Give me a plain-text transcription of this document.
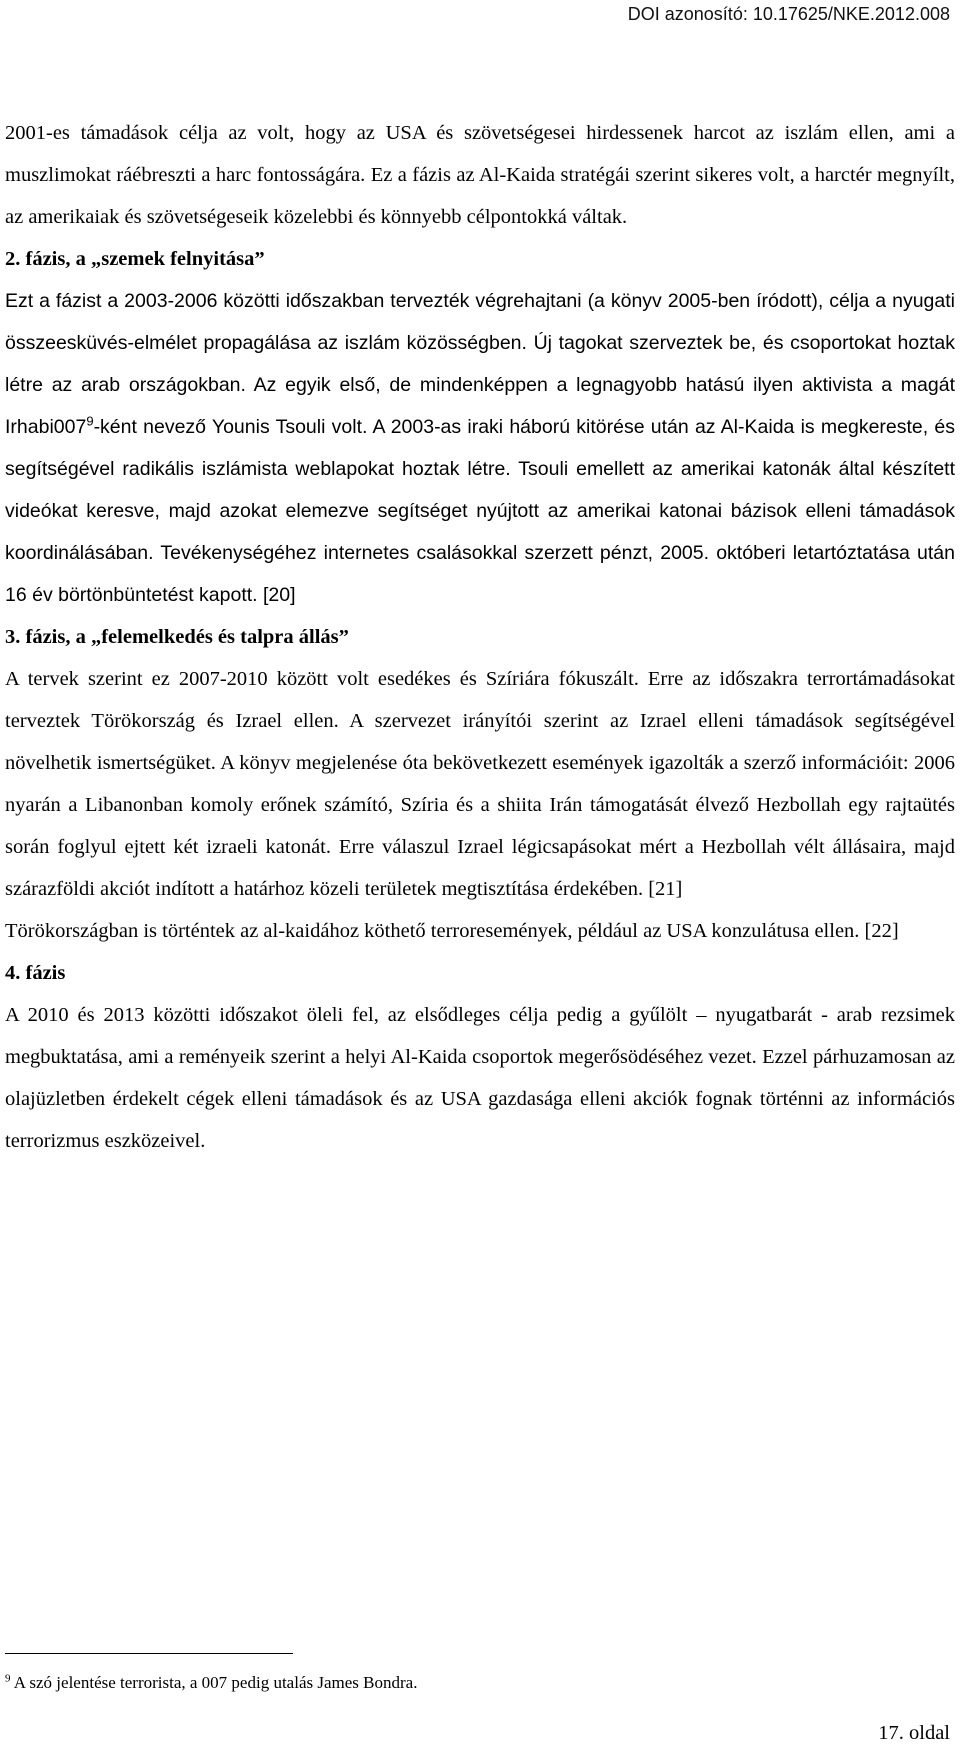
DOI azonosító: 10.17625/NKE.2012.008

2001-es támadások célja az volt, hogy az USA és szövetségesei hirdessenek harcot az iszlám ellen, ami a muszlimokat ráébreszti a harc fontosságára. Ez a fázis az Al-Kaida stratégái szerint sikeres volt, a harctér megnyílt, az amerikaiak és szövetségeseik közelebbi és könnyebb célpontokká váltak.

2. fázis, a „szemek felnyitása”

Ezt a fázist a 2003-2006 közötti időszakban tervezték végrehajtani (a könyv 2005-ben íródott), célja a nyugati összeesküvés-elmélet propagálása az iszlám közösségben. Új tagokat szerveztek be, és csoportokat hoztak létre az arab országokban. Az egyik első, de mindenképpen a legnagyobb hatású ilyen aktivista a magát $Irhabi007^9$-ként nevező Younis Tsouli volt. A 2003-as iraki háború kitörése után az Al-Kaida is megkereste, és segítségével radikális iszlámista weblapokat hoztak létre. Tsouli emellett az amerikai katonák által készített videókat keresve, majd azokat elemezve segítséget nyújtott az amerikai katonai bázisok elleni támadások koordinálásában. Tevékenységéhez internetes csalásokkal szerzett pénzt, 2005. októberi letartóztatása után 16 év börtönbüntetést kapott. [20]

3. fázis, a „felemelkedés és talpra állás”

A tervek szerint ez 2007-2010 között volt esedékes és Szíriára fókuszált. Erre az időszakra terrortámadásokat terveztek Törökország és Izrael ellen. A szervezet irányítói szerint az Izrael elleni támadások segítségével növelhetik ismertségüket. A könyv megjelenése óta bekövetkezett események igazolták a szerző információit: 2006 nyarán a Libanonban komoly erőnek számító, Szíria és a shiita Irán támogatását élvező Hezbollah egy rajtaütés során foglyul ejtett két izraeli katonát. Erre válaszul Izrael légicsapásokat mért a Hezbollah vélt állásaira, majd szárazföldi akciót indított a határhoz közeli területek megtisztítása érdekében. [21]

Törökországban is történtek az al-kaidához köthető terroresemények, például az USA konzulátusa ellen. [22]

4. fázis

A 2010 és 2013 közötti időszakot öleli fel, az elsődleges célja pedig a gyűlölt – nyugatbarát - arab rezsimek megbuktatása, ami a reményeik szerint a helyi Al-Kaida csoportok megerősödéséhez vezet. Ezzel párhuzamosan az olajüzletben érdekelt cégek elleni támadások és az USA gazdasága elleni akciók fognak történni az információs terrorizmus eszközeivel.

$^9$ A szó jelentése terrorista, a 007 pedig utalás James Bondra.
17. oldal
